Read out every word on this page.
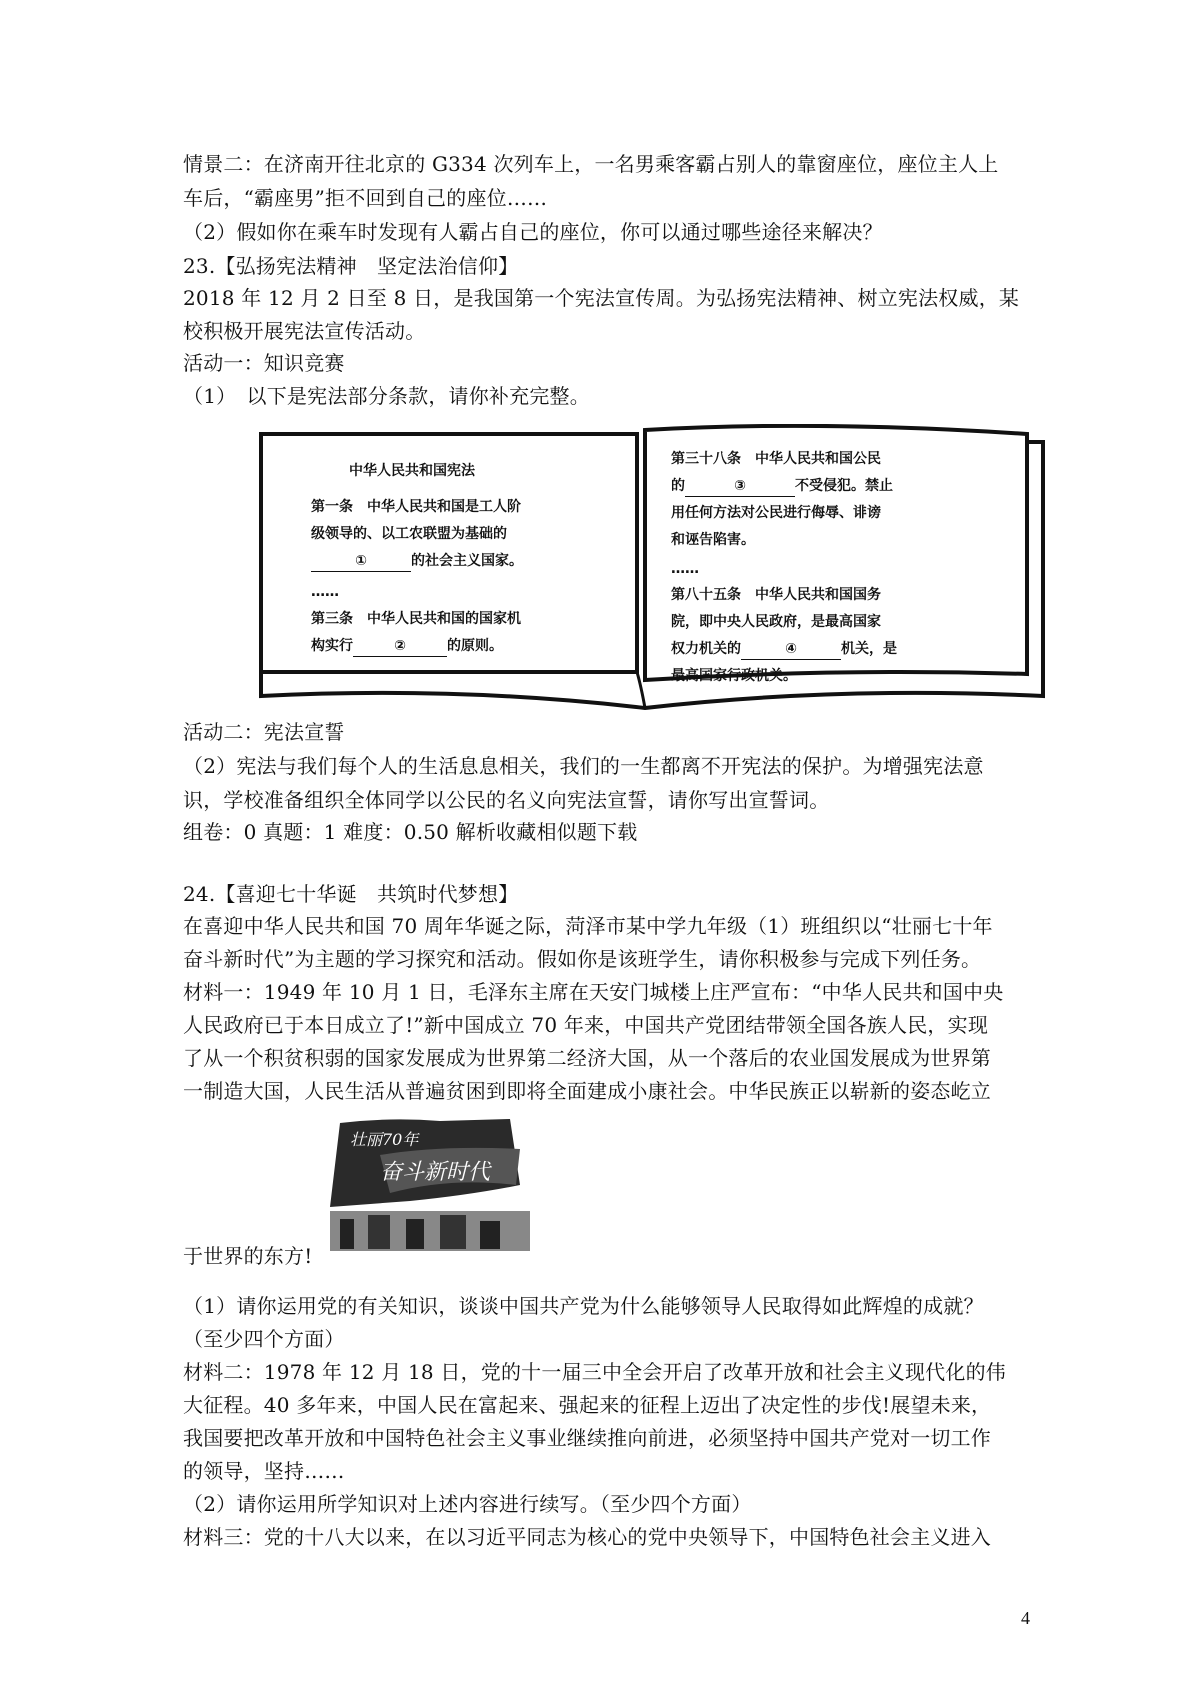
情景二：在济南开往北京的 G334 次列车上，一名男乘客霸占别人的靠窗座位，座位主人上
车后，“霸座男”拒不回到自己的座位……
（2）假如你在乘车时发现有人霸占自己的座位，你可以通过哪些途径来解决？
23.【弘扬宪法精神　坚定法治信仰】
2018 年 12 月 2 日至 8 日，是我国第一个宪法宣传周。为弘扬宪法精神、树立宪法权威，某
校积极开展宪法宣传活动。
活动一：知识竞赛
（1）　以下是宪法部分条款，请你补充完整。
中华人民共和国宪法
第一条　中华人民共和国是工人阶
级领导的、以工农联盟为基础的
①	的社会主义国家。
……
第三条　中华人民共和国的国家机
构实行	②	的原则。
第三十八条　中华人民共和国公民
的	③	不受侵犯。禁止
用任何方法对公民进行侮辱、诽谤
和诬告陷害。
……
第八十五条　中华人民共和国国务
院，即中央人民政府，是最高国家
权力机关的	④	机关，是
最高国家行政机关。
活动二：宪法宣誓
（2）宪法与我们每个人的生活息息相关，我们的一生都离不开宪法的保护。为增强宪法意
识，学校准备组织全体同学以公民的名义向宪法宣誓，请你写出宣誓词。
组卷：0 真题：1 难度：0.50 解析收藏相似题下载
24.【喜迎七十华诞　共筑时代梦想】
在喜迎中华人民共和国 70 周年华诞之际，菏泽市某中学九年级（1）班组织以“壮丽七十年
奋斗新时代”为主题的学习探究和活动。假如你是该班学生，请你积极参与完成下列任务。
材料一：1949 年 10 月 1 日，毛泽东主席在天安门城楼上庄严宣布：“中华人民共和国中央
人民政府已于本日成立了!”新中国成立 70 年来，中国共产党团结带领全国各族人民，实现
了从一个积贫积弱的国家发展成为世界第二经济大国，从一个落后的农业国发展成为世界第
一制造大国，人民生活从普遍贫困到即将全面建成小康社会。中华民族正以崭新的姿态屹立
壮丽70年
奋斗新时代
于世界的东方!
（1）请你运用党的有关知识，谈谈中国共产党为什么能够领导人民取得如此辉煌的成就？
（至少四个方面）
材料二：1978 年 12 月 18 日，党的十一届三中全会开启了改革开放和社会主义现代化的伟
大征程。40 多年来，中国人民在富起来、强起来的征程上迈出了决定性的步伐!展望未来，
我国要把改革开放和中国特色社会主义事业继续推向前进，必须坚持中国共产党对一切工作
的领导，坚持……
（2）请你运用所学知识对上述内容进行续写。（至少四个方面）
材料三：党的十八大以来，在以习近平同志为核心的党中央领导下，中国特色社会主义进入
4
